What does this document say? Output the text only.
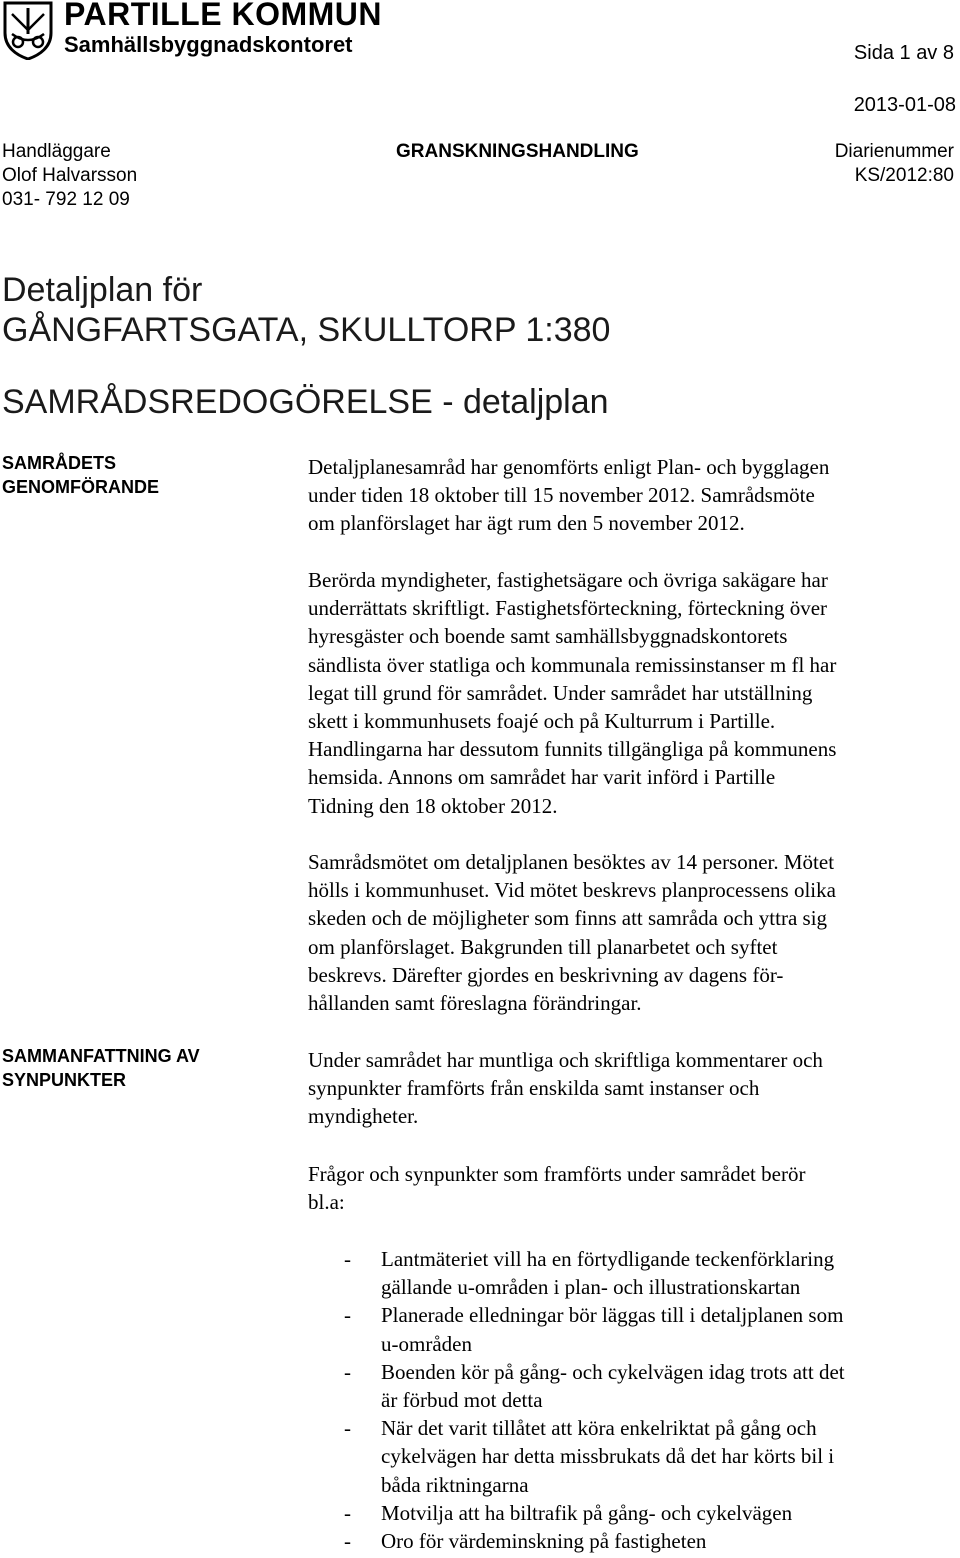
PARTILLE KOMMUN
Samhällsbyggnadskontoret	Sida 1 av 8
2013-01-08
Handläggare
Olof Halvarsson
031- 792 12 09
GRANSKNINGSHANDLING	Diarienummer
KS/2012:80
Detaljplan för
GÅNGFARTSGATA, SKULLTORP 1:380
SAMRÅDSREDOGÖRELSE - detaljplan
SAMRÅDETS
GENOMFÖRANDE
Detaljplanesamråd har genomförts enligt Plan- och bygglagen
under tiden 18 oktober till 15 november 2012. Samrådsmöte
om planförslaget har ägt rum den 5 november 2012.
Berörda myndigheter, fastighetsägare och övriga sakägare har
underrättats skriftligt. Fastighetsförteckning, förteckning över
hyresgäster och boende samt samhällsbyggnadskontorets
sändlista över statliga och kommunala remissinstanser m fl har
legat till grund för samrådet. Under samrådet har utställning
skett i kommunhusets foajé och på Kulturrum i Partille.
Handlingarna har dessutom funnits tillgängliga på kommunens
hemsida. Annons om samrådet har varit införd i Partille
Tidning den 18 oktober 2012.
Samrådsmötet om detaljplanen besöktes av 14 personer. Mötet
hölls i kommunhuset. Vid mötet beskrevs planprocessens olika
skeden och de möjligheter som finns att samråda och yttra sig
om planförslaget. Bakgrunden till planarbetet och syftet
beskrevs. Därefter gjordes en beskrivning av dagens för-
hållanden samt föreslagna förändringar.
SAMMANFATTNING AV
SYNPUNKTER
Under samrådet har muntliga och skriftliga kommentarer och
synpunkter framförts från enskilda samt instanser och
myndigheter.
Frågor och synpunkter som framförts under samrådet berör
bl.a:
- Lantmäteriet vill ha en förtydligande teckenförklaring
gällande u-områden i plan- och illustrationskartan
- Planerade elledningar bör läggas till i detaljplanen som
u-områden
- Boenden kör på gång- och cykelvägen idag trots att det
är förbud mot detta
- När det varit tillåtet att köra enkelriktat på gång och
cykelvägen har detta missbrukats då det har körts bil i
båda riktningarna
- Motvilja att ha biltrafik på gång- och cykelvägen
- Oro för värdeminskning på fastigheten
